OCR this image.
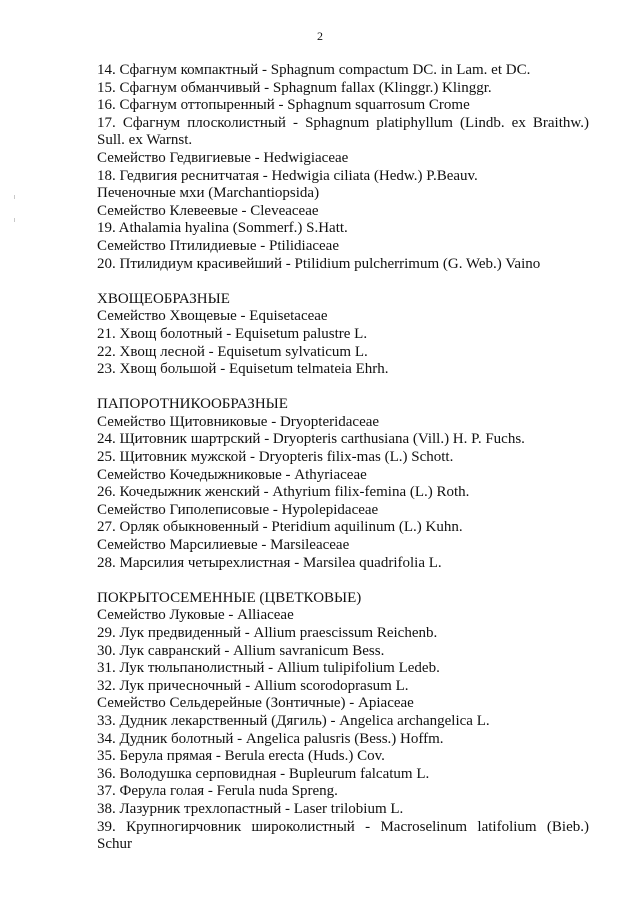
2
14. Сфагнум компактный - Sphagnum compactum DC. in Lam. et DC.
15. Сфагнум обманчивый - Sphagnum fallax (Klinggr.) Klinggr.
16. Сфагнум оттопыренный - Sphagnum squarrosum Crome
17. Сфагнум плосколистный - Sphagnum platiphyllum (Lindb. ex Braithw.)
Sull. ex Warnst.
Семейство Гедвигиевые - Hedwigiaceae
18. Гедвигия реснитчатая - Hedwigia ciliata (Hedw.) P.Beauv.
Печеночные мхи (Marchantiopsida)
Семейство Клевеевые - Cleveaceae
19. Athalamia hyalina (Sommerf.) S.Hatt.
Семейство Птилидиевые - Ptilidiaceae
20. Птилидиум красивейший - Ptilidium pulcherrimum (G. Web.) Vaino
ХВОЩЕОБРАЗНЫЕ
Семейство Хвощевые - Equisetaceae
21. Хвощ болотный - Equisetum palustre L.
22. Хвощ лесной - Equisetum sylvaticum L.
23. Хвощ большой - Equisetum telmateia Ehrh.
ПАПОРОТНИКООБРАЗНЫЕ
Семейство Щитовниковые - Dryopteridaceae
24. Щитовник шартрский - Dryopteris carthusiana (Vill.) H. P. Fuchs.
25. Щитовник мужской - Dryopteris filix-mas (L.) Schott.
Семейство Кочедыжниковые - Athyriaceae
26. Кочедыжник женский - Athyrium filix-femina (L.) Roth.
Семейство Гиполеписовые - Hypolepidaceae
27. Орляк обыкновенный - Pteridium aquilinum (L.) Kuhn.
Семейство Марсилиевые - Marsileaceae
28. Марсилия четырехлистная - Marsilea quadrifolia L.
ПОКРЫТОСЕМЕННЫЕ (ЦВЕТКОВЫЕ)
Семейство Луковые - Alliaceae
29. Лук предвиденный - Allium praescissum Reichenb.
30. Лук савранский - Allium savranicum Bess.
31. Лук тюльпанолистный - Allium tulipifolium Ledeb.
32. Лук причесночный - Allium scorodoprasum L.
Семейство Сельдерейные (Зонтичные) - Apiaceae
33. Дудник лекарственный (Дягиль) - Angelica archangelica L.
34. Дудник болотный - Angelica palusris (Bess.) Hoffm.
35. Берула прямая - Berula erecta (Huds.) Cov.
36. Володушка серповидная - Bupleurum falcatum L.
37. Ферула голая - Ferula nuda Spreng.
38. Лазурник трехлопастный - Laser trilobium L.
39. Крупногирчовник широколистный - Macroselinum latifolium (Bieb.)
Schur
